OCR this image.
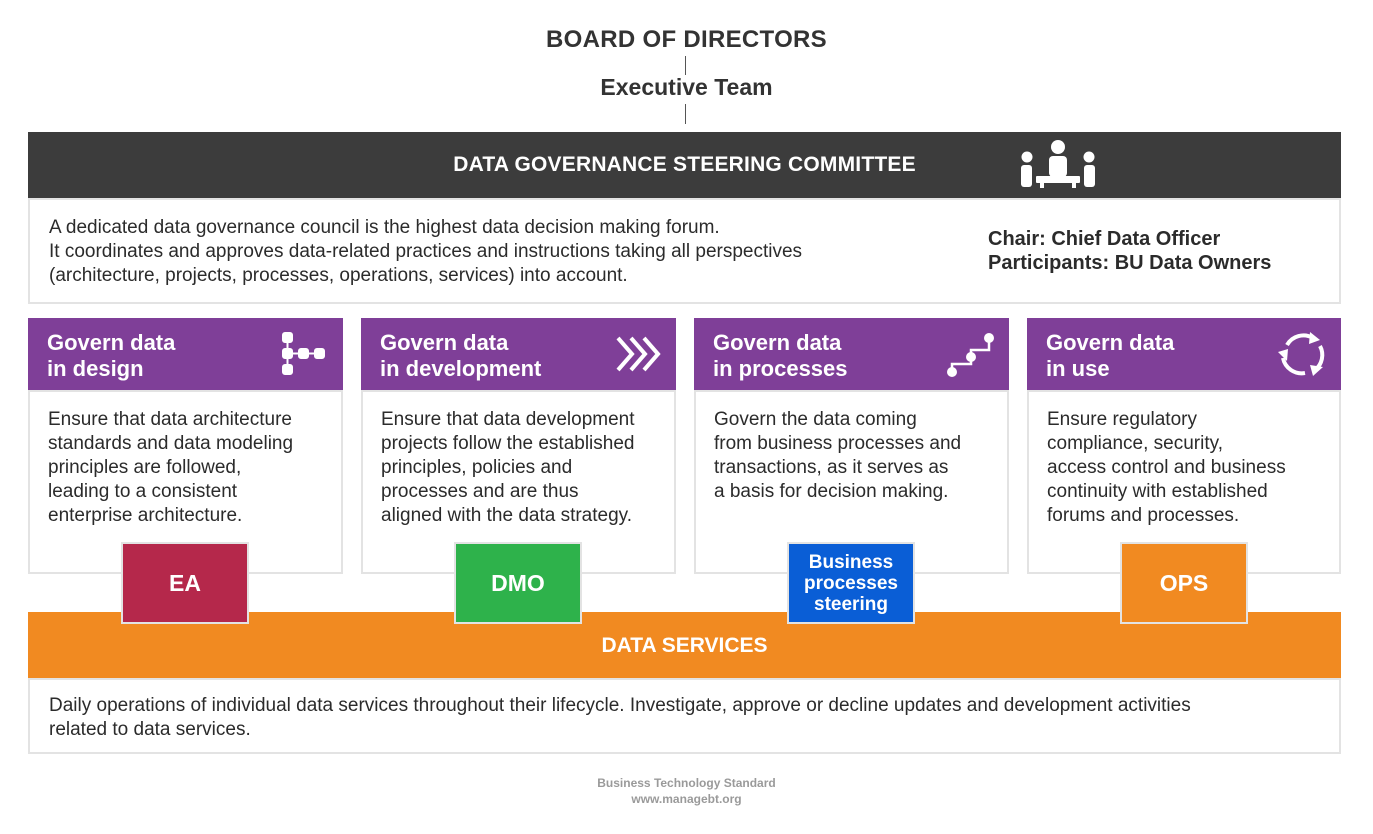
BOARD OF DIRECTORS
Executive Team
DATA GOVERNANCE STEERING COMMITTEE
A dedicated data governance council is the highest data decision making forum.
It coordinates and approves data-related practices and instructions taking all perspectives
(architecture, projects, processes, operations, services) into account.
Chair: Chief Data Officer
Participants: BU Data Owners
Govern data
in design
Ensure that data architecture
standards and data modeling
principles are followed,
leading to a consistent
enterprise architecture.
Govern data
in development
Ensure that data development
projects follow the established
principles, policies and
processes and are thus
aligned with the data strategy.
Govern data
in processes
Govern the data coming
from business processes and
transactions, as it serves as
a basis for decision making.
Govern data
in use
Ensure regulatory
compliance, security,
access control and business
continuity with established
forums and processes.
DATA SERVICES
Daily operations of individual data services throughout their lifecycle. Investigate, approve or decline updates and development activities
related to data services.
EA	DMO
Business
processes
steering
OPS
Business Technology Standard
www.managebt.org
